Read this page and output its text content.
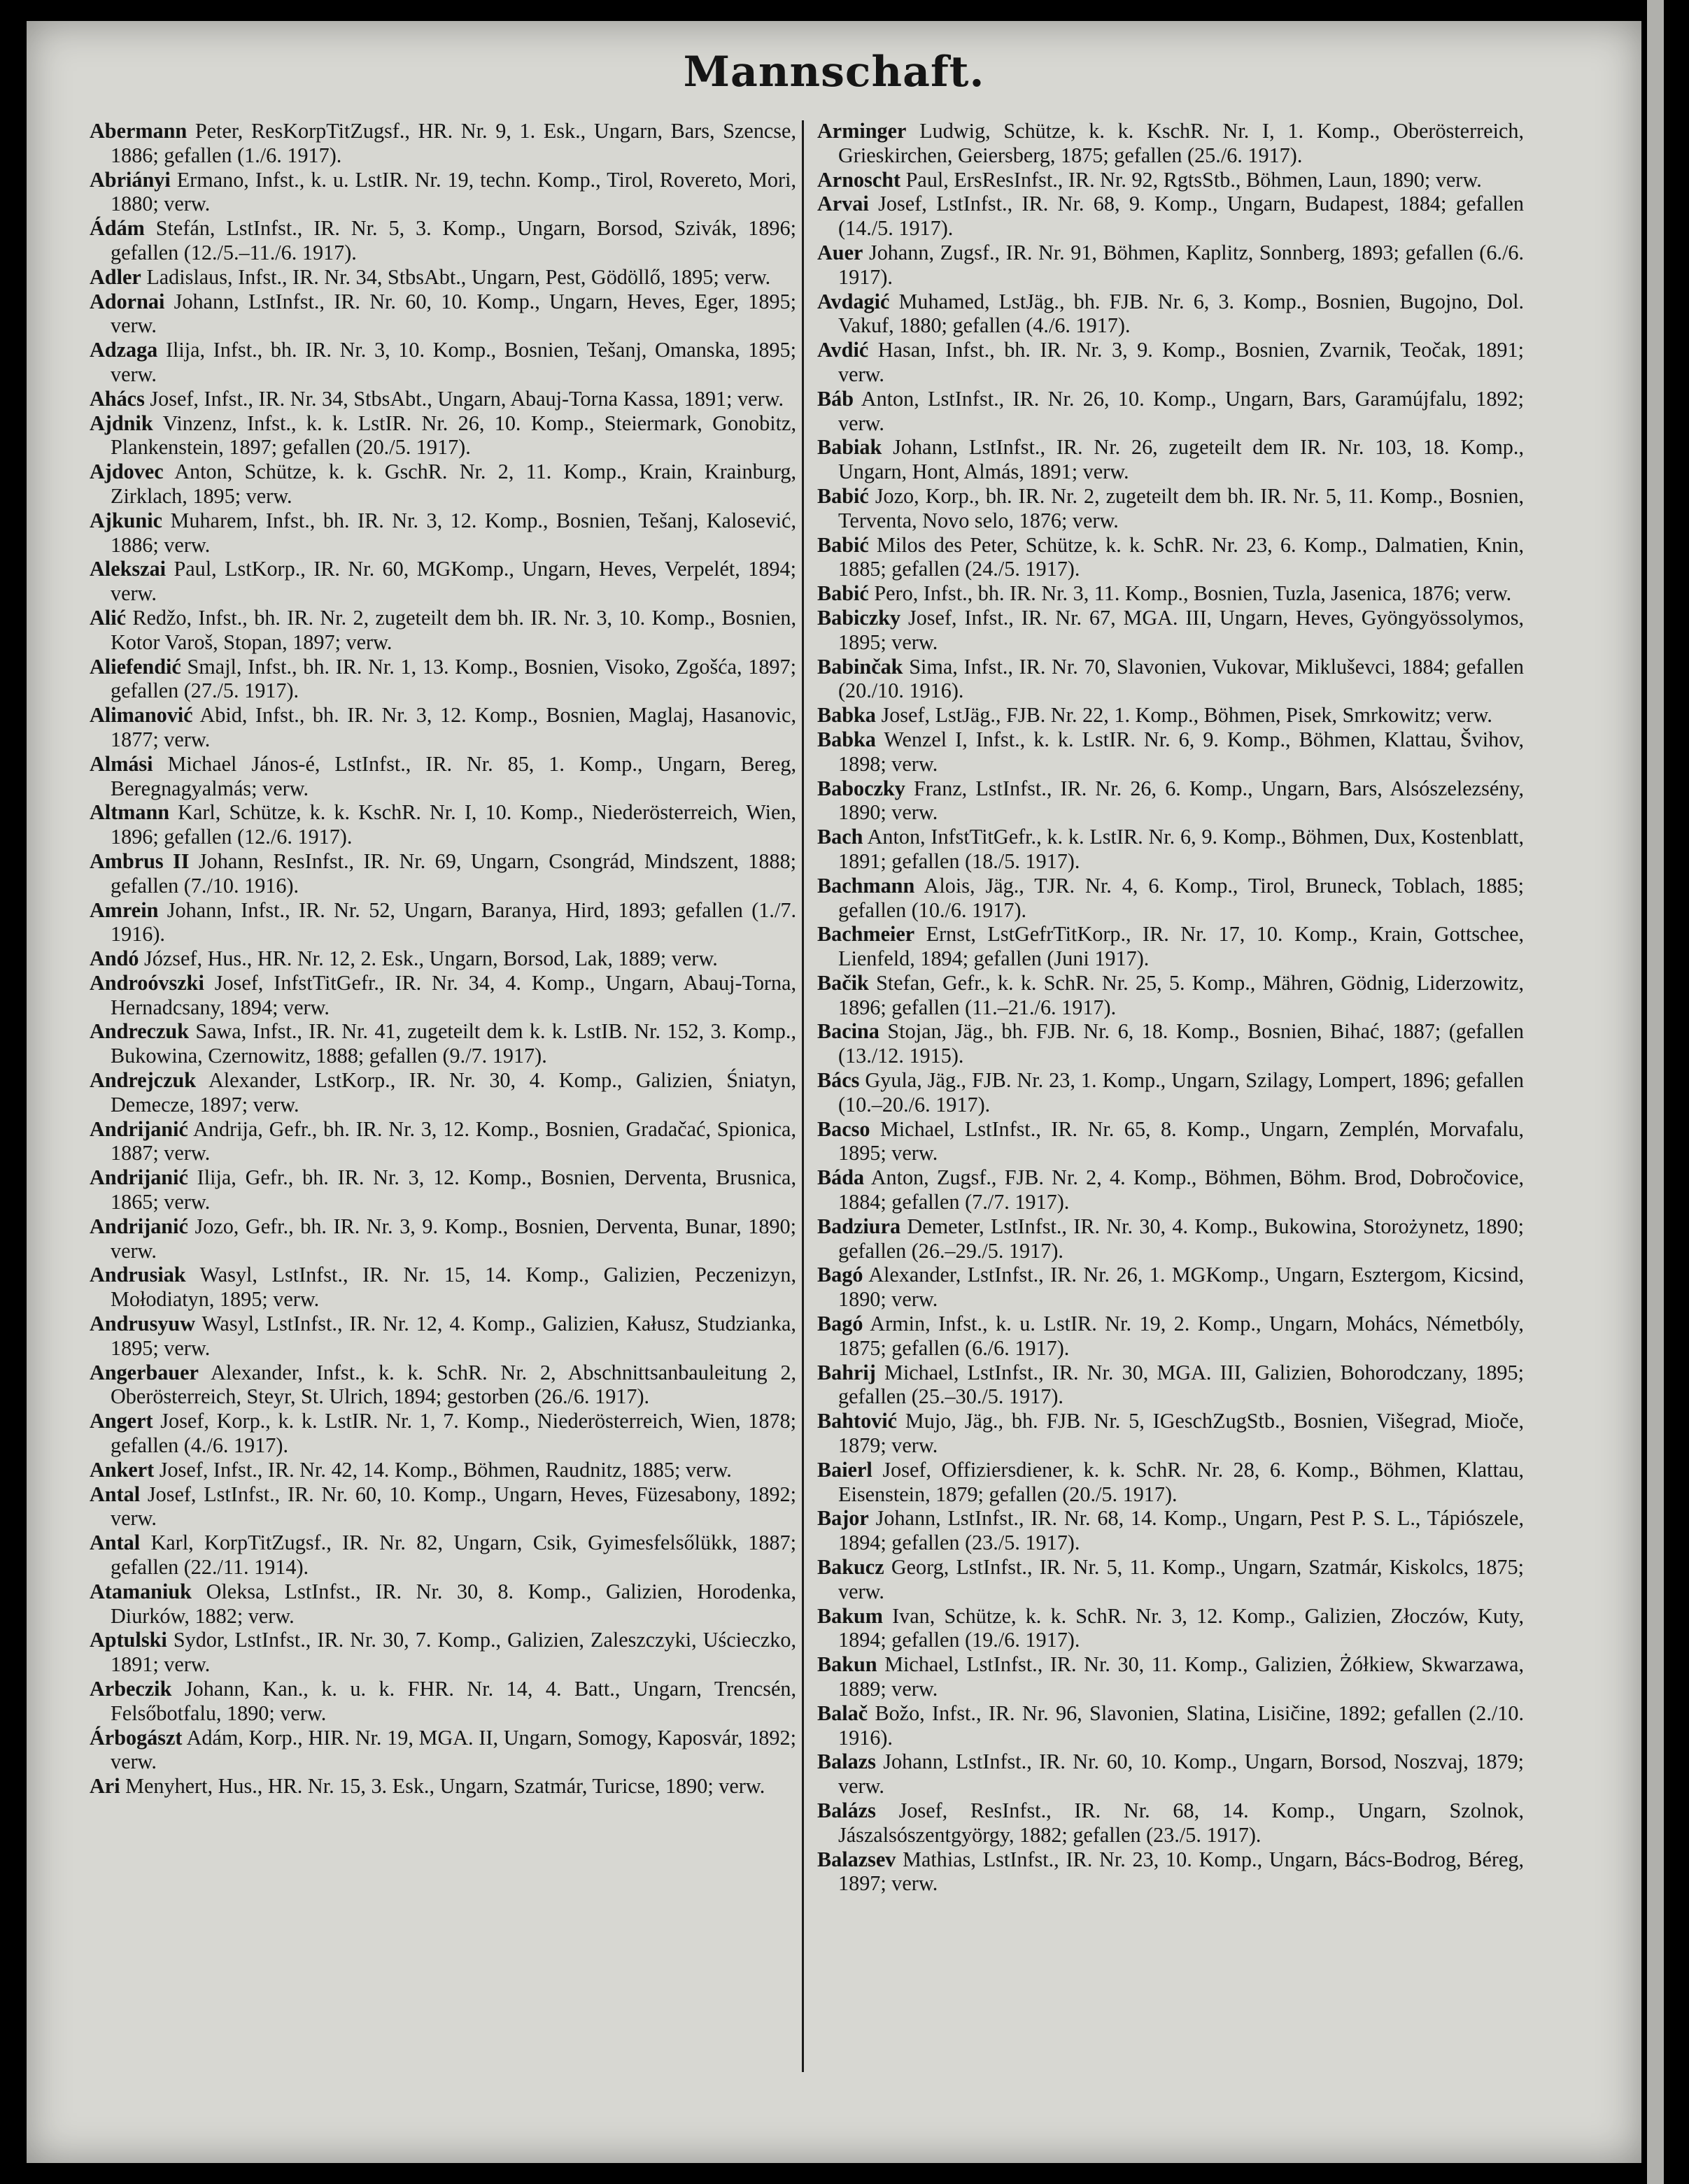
Mannschaft.

Abermann Peter, ResKorpTitZugsf., HR. Nr. 9, 1. Esk., Ungarn, Bars, Szencse, 1886; gefallen (1./6. 1917).

Abriányi Ermano, Infst., k. u. LstIR. Nr. 19, techn. Komp., Tirol, Rovereto, Mori, 1880; verw.

Ádám Stefán, LstInfst., IR. Nr. 5, 3. Komp., Ungarn, Borsod, Szivák, 1896; gefallen (12./5.–11./6. 1917).

Adler Ladislaus, Infst., IR. Nr. 34, StbsAbt., Ungarn, Pest, Gödöllő, 1895; verw.

Adornai Johann, LstInfst., IR. Nr. 60, 10. Komp., Ungarn, Heves, Eger, 1895; verw.

Adzaga Ilija, Infst., bh. IR. Nr. 3, 10. Komp., Bosnien, Tešanj, Omanska, 1895; verw.

Ahács Josef, Infst., IR. Nr. 34, StbsAbt., Ungarn, Abauj-Torna Kassa, 1891; verw.

Ajdnik Vinzenz, Infst., k. k. LstIR. Nr. 26, 10. Komp., Steiermark, Gonobitz, Plankenstein, 1897; gefallen (20./5. 1917).

Ajdovec Anton, Schütze, k. k. GschR. Nr. 2, 11. Komp., Krain, Krainburg, Zirklach, 1895; verw.

Ajkunic Muharem, Infst., bh. IR. Nr. 3, 12. Komp., Bosnien, Tešanj, Kalosević, 1886; verw.

Alekszai Paul, LstKorp., IR. Nr. 60, MGKomp., Ungarn, Heves, Verpelét, 1894; verw.

Alić Redžo, Infst., bh. IR. Nr. 2, zugeteilt dem bh. IR. Nr. 3, 10. Komp., Bosnien, Kotor Varoš, Stopan, 1897; verw.

Aliefendić Smajl, Infst., bh. IR. Nr. 1, 13. Komp., Bosnien, Visoko, Zgošća, 1897; gefallen (27./5. 1917).

Alimanović Abid, Infst., bh. IR. Nr. 3, 12. Komp., Bosnien, Maglaj, Hasanovic, 1877; verw.

Almási Michael János-é, LstInfst., IR. Nr. 85, 1. Komp., Ungarn, Bereg, Beregnagyalmás; verw.

Altmann Karl, Schütze, k. k. KschR. Nr. I, 10. Komp., Niederösterreich, Wien, 1896; gefallen (12./6. 1917).

Ambrus II Johann, ResInfst., IR. Nr. 69, Ungarn, Csongrád, Mindszent, 1888; gefallen (7./10. 1916).

Amrein Johann, Infst., IR. Nr. 52, Ungarn, Baranya, Hird, 1893; gefallen (1./7. 1916).

Andó József, Hus., HR. Nr. 12, 2. Esk., Ungarn, Borsod, Lak, 1889; verw.

Androóvszki Josef, InfstTitGefr., IR. Nr. 34, 4. Komp., Ungarn, Abauj-Torna, Hernadcsany, 1894; verw.

Andreczuk Sawa, Infst., IR. Nr. 41, zugeteilt dem k. k. LstIB. Nr. 152, 3. Komp., Bukowina, Czernowitz, 1888; gefallen (9./7. 1917).

Andrejczuk Alexander, LstKorp., IR. Nr. 30, 4. Komp., Galizien, Śniatyn, Demecze, 1897; verw.

Andrijanić Andrija, Gefr., bh. IR. Nr. 3, 12. Komp., Bosnien, Gradačać, Spionica, 1887; verw.

Andrijanić Ilija, Gefr., bh. IR. Nr. 3, 12. Komp., Bosnien, Derventa, Brusnica, 1865; verw.

Andrijanić Jozo, Gefr., bh. IR. Nr. 3, 9. Komp., Bosnien, Derventa, Bunar, 1890; verw.

Andrusiak Wasyl, LstInfst., IR. Nr. 15, 14. Komp., Galizien, Peczenizyn, Mołodiatyn, 1895; verw.

Andrusyuw Wasyl, LstInfst., IR. Nr. 12, 4. Komp., Galizien, Kałusz, Studzianka, 1895; verw.

Angerbauer Alexander, Infst., k. k. SchR. Nr. 2, Abschnittsanbauleitung 2, Oberösterreich, Steyr, St. Ulrich, 1894; gestorben (26./6. 1917).

Angert Josef, Korp., k. k. LstIR. Nr. 1, 7. Komp., Niederösterreich, Wien, 1878; gefallen (4./6. 1917).

Ankert Josef, Infst., IR. Nr. 42, 14. Komp., Böhmen, Raudnitz, 1885; verw.

Antal Josef, LstInfst., IR. Nr. 60, 10. Komp., Ungarn, Heves, Füzesabony, 1892; verw.

Antal Karl, KorpTitZugsf., IR. Nr. 82, Ungarn, Csik, Gyimesfelsőlükk, 1887; gefallen (22./11. 1914).

Atamaniuk Oleksa, LstInfst., IR. Nr. 30, 8. Komp., Galizien, Horodenka, Diurków, 1882; verw.

Aptulski Sydor, LstInfst., IR. Nr. 30, 7. Komp., Galizien, Zaleszczyki, Uścieczko, 1891; verw.

Arbeczik Johann, Kan., k. u. k. FHR. Nr. 14, 4. Batt., Ungarn, Trencsén, Felsőbotfalu, 1890; verw.

Árbogászt Adám, Korp., HIR. Nr. 19, MGA. II, Ungarn, Somogy, Kaposvár, 1892; verw.

Ari Menyhert, Hus., HR. Nr. 15, 3. Esk., Ungarn, Szatmár, Turicse, 1890; verw.

Arminger Ludwig, Schütze, k. k. KschR. Nr. I, 1. Komp., Oberösterreich, Grieskirchen, Geiersberg, 1875; gefallen (25./6. 1917).

Arnoscht Paul, ErsResInfst., IR. Nr. 92, RgtsStb., Böhmen, Laun, 1890; verw.

Arvai Josef, LstInfst., IR. Nr. 68, 9. Komp., Ungarn, Budapest, 1884; gefallen (14./5. 1917).

Auer Johann, Zugsf., IR. Nr. 91, Böhmen, Kaplitz, Sonnberg, 1893; gefallen (6./6. 1917).

Avdagić Muhamed, LstJäg., bh. FJB. Nr. 6, 3. Komp., Bosnien, Bugojno, Dol. Vakuf, 1880; gefallen (4./6. 1917).

Avdić Hasan, Infst., bh. IR. Nr. 3, 9. Komp., Bosnien, Zvarnik, Teočak, 1891; verw.

Báb Anton, LstInfst., IR. Nr. 26, 10. Komp., Ungarn, Bars, Garamújfalu, 1892; verw.

Babiak Johann, LstInfst., IR. Nr. 26, zugeteilt dem IR. Nr. 103, 18. Komp., Ungarn, Hont, Almás, 1891; verw.

Babić Jozo, Korp., bh. IR. Nr. 2, zugeteilt dem bh. IR. Nr. 5, 11. Komp., Bosnien, Terventa, Novo selo, 1876; verw.

Babić Milos des Peter, Schütze, k. k. SchR. Nr. 23, 6. Komp., Dalmatien, Knin, 1885; gefallen (24./5. 1917).

Babić Pero, Infst., bh. IR. Nr. 3, 11. Komp., Bosnien, Tuzla, Jasenica, 1876; verw.

Babiczky Josef, Infst., IR. Nr. 67, MGA. III, Ungarn, Heves, Gyöngyössolymos, 1895; verw.

Babinčak Sima, Infst., IR. Nr. 70, Slavonien, Vukovar, Mikluševci, 1884; gefallen (20./10. 1916).

Babka Josef, LstJäg., FJB. Nr. 22, 1. Komp., Böhmen, Pisek, Smrkowitz; verw.

Babka Wenzel I, Infst., k. k. LstIR. Nr. 6, 9. Komp., Böhmen, Klattau, Švihov, 1898; verw.

Baboczky Franz, LstInfst., IR. Nr. 26, 6. Komp., Ungarn, Bars, Alsószelezsény, 1890; verw.

Bach Anton, InfstTitGefr., k. k. LstIR. Nr. 6, 9. Komp., Böhmen, Dux, Kostenblatt, 1891; gefallen (18./5. 1917).

Bachmann Alois, Jäg., TJR. Nr. 4, 6. Komp., Tirol, Bruneck, Toblach, 1885; gefallen (10./6. 1917).

Bachmeier Ernst, LstGefrTitKorp., IR. Nr. 17, 10. Komp., Krain, Gottschee, Lienfeld, 1894; gefallen (Juni 1917).

Bačik Stefan, Gefr., k. k. SchR. Nr. 25, 5. Komp., Mähren, Gödnig, Liderzowitz, 1896; gefallen (11.–21./6. 1917).

Bacina Stojan, Jäg., bh. FJB. Nr. 6, 18. Komp., Bosnien, Bihać, 1887; (gefallen (13./12. 1915).

Bács Gyula, Jäg., FJB. Nr. 23, 1. Komp., Ungarn, Szilagy, Lompert, 1896; gefallen (10.–20./6. 1917).

Bacso Michael, LstInfst., IR. Nr. 65, 8. Komp., Ungarn, Zemplén, Morvafalu, 1895; verw.

Báda Anton, Zugsf., FJB. Nr. 2, 4. Komp., Böhmen, Böhm. Brod, Dobročovice, 1884; gefallen (7./7. 1917).

Badziura Demeter, LstInfst., IR. Nr. 30, 4. Komp., Bukowina, Storożynetz, 1890; gefallen (26.–29./5. 1917).

Bagó Alexander, LstInfst., IR. Nr. 26, 1. MGKomp., Ungarn, Esztergom, Kicsind, 1890; verw.

Bagó Armin, Infst., k. u. LstIR. Nr. 19, 2. Komp., Ungarn, Mohács, Németbóly, 1875; gefallen (6./6. 1917).

Bahrij Michael, LstInfst., IR. Nr. 30, MGA. III, Galizien, Bohorodczany, 1895; gefallen (25.–30./5. 1917).

Bahtović Mujo, Jäg., bh. FJB. Nr. 5, IGeschZugStb., Bosnien, Višegrad, Mioče, 1879; verw.

Baierl Josef, Offiziersdiener, k. k. SchR. Nr. 28, 6. Komp., Böhmen, Klattau, Eisenstein, 1879; gefallen (20./5. 1917).

Bajor Johann, LstInfst., IR. Nr. 68, 14. Komp., Ungarn, Pest P. S. L., Tápiószele, 1894; gefallen (23./5. 1917).

Bakucz Georg, LstInfst., IR. Nr. 5, 11. Komp., Ungarn, Szatmár, Kiskolcs, 1875; verw.

Bakum Ivan, Schütze, k. k. SchR. Nr. 3, 12. Komp., Galizien, Złoczów, Kuty, 1894; gefallen (19./6. 1917).

Bakun Michael, LstInfst., IR. Nr. 30, 11. Komp., Galizien, Żółkiew, Skwarzawa, 1889; verw.

Balač Božo, Infst., IR. Nr. 96, Slavonien, Slatina, Lisičine, 1892; gefallen (2./10. 1916).

Balazs Johann, LstInfst., IR. Nr. 60, 10. Komp., Ungarn, Borsod, Noszvaj, 1879; verw.

Balázs Josef, ResInfst., IR. Nr. 68, 14. Komp., Ungarn, Szolnok, Jászalsószentgyörgy, 1882; gefallen (23./5. 1917).

Balazsev Mathias, LstInfst., IR. Nr. 23, 10. Komp., Ungarn, Bács-Bodrog, Béreg, 1897; verw.
